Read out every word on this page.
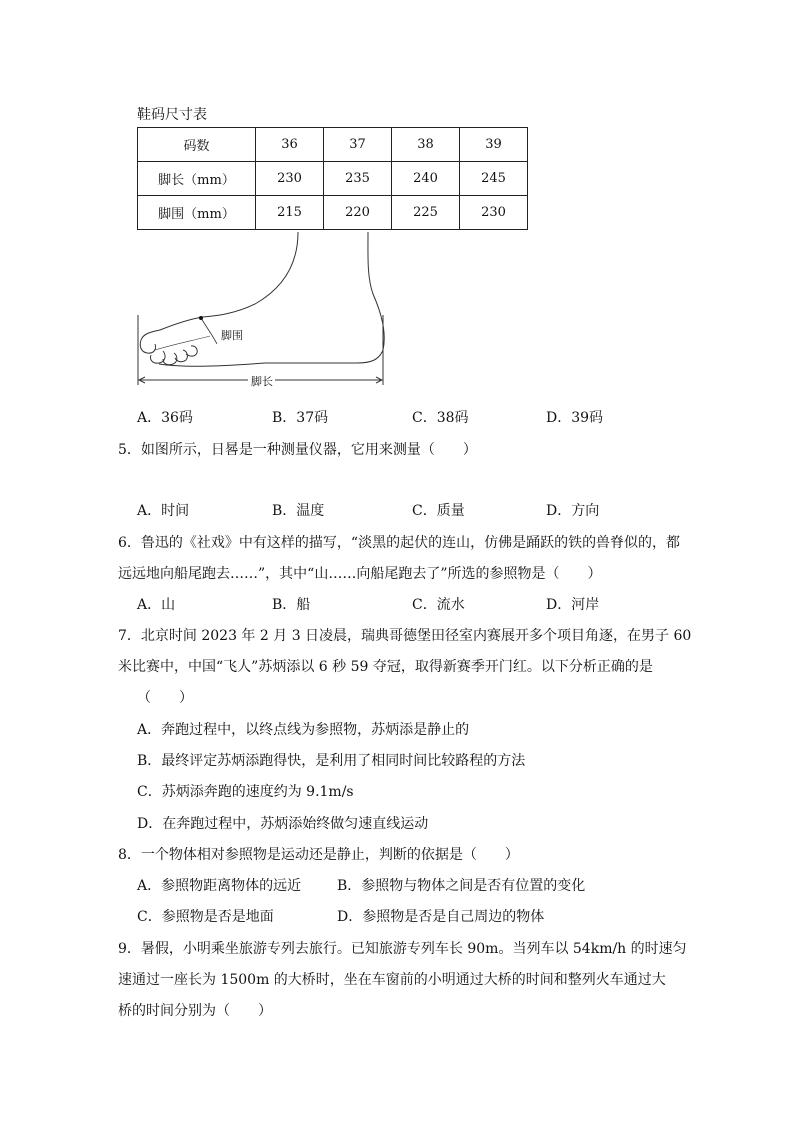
鞋码尺寸表
码数	36	37	38	39
脚长（mm）	230	235	240	245
脚围（mm）	215	220	225	230
脚围
脚长
A．36码	B．37码	C．38码	D．39码
5．如图所示，日晷是一种测量仪器，它用来测量（　　）
A．时间	B．温度	C．质量	D．方向
6．鲁迅的《社戏》中有这样的描写，“淡黑的起伏的连山，仿佛是踊跃的铁的兽脊似的，都
远远地向船尾跑去……”，其中“山……向船尾跑去了”所选的参照物是（　　）
A．山	B．船	C．流水	D．河岸
7．北京时间 2023 年 2 月 3 日凌晨，瑞典哥德堡田径室内赛展开多个项目角逐，在男子 60
米比赛中，中国“飞人”苏炳添以 6 秒 59 夺冠，取得新赛季开门红。以下分析正确的是
（　　）
A．奔跑过程中，以终点线为参照物，苏炳添是静止的
B．最终评定苏炳添跑得快，是利用了相同时间比较路程的方法
C．苏炳添奔跑的速度约为 9.1m/s
D．在奔跑过程中，苏炳添始终做匀速直线运动
8．一个物体相对参照物是运动还是静止，判断的依据是（　　）
A．参照物距离物体的远近	B．参照物与物体之间是否有位置的变化
C．参照物是否是地面	D．参照物是否是自己周边的物体
9．暑假，小明乘坐旅游专列去旅行。已知旅游专列车长 90m。当列车以 54km/h 的时速匀
速通过一座长为 1500m 的大桥时，坐在车窗前的小明通过大桥的时间和整列火车通过大
桥的时间分别为（　　）
